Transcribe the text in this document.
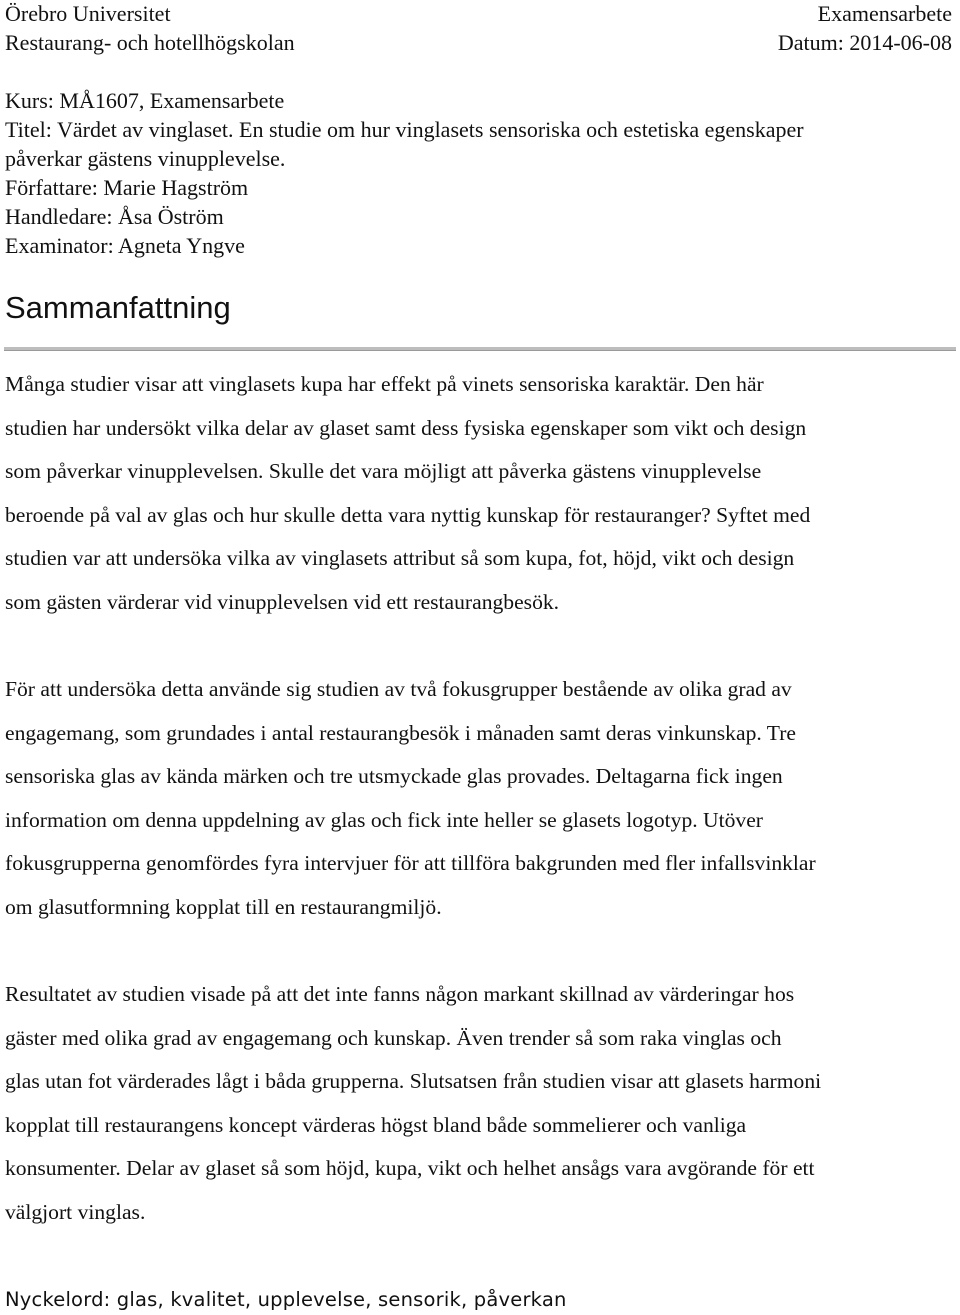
Örebro Universitet	Examensarbete
Restaurang- och hotellhögskolan	Datum: 2014-06-08
Kurs: MÅ1607, Examensarbete
Titel: Värdet av vinglaset. En studie om hur vinglasets sensoriska och estetiska egenskaper
påverkar gästens vinupplevelse.
Författare: Marie Hagström
Handledare: Åsa Öström
Examinator: Agneta Yngve
Sammanfattning
Många studier visar att vinglasets kupa har effekt på vinets sensoriska karaktär. Den här
studien har undersökt vilka delar av glaset samt dess fysiska egenskaper som vikt och design
som påverkar vinupplevelsen. Skulle det vara möjligt att påverka gästens vinupplevelse
beroende på val av glas och hur skulle detta vara nyttig kunskap för restauranger? Syftet med
studien var att undersöka vilka av vinglasets attribut så som kupa, fot, höjd, vikt och design
som gästen värderar vid vinupplevelsen vid ett restaurangbesök.
För att undersöka detta använde sig studien av två fokusgrupper bestående av olika grad av
engagemang, som grundades i antal restaurangbesök i månaden samt deras vinkunskap. Tre
sensoriska glas av kända märken och tre utsmyckade glas provades. Deltagarna fick ingen
information om denna uppdelning av glas och fick inte heller se glasets logotyp. Utöver
fokusgrupperna genomfördes fyra intervjuer för att tillföra bakgrunden med fler infallsvinklar
om glasutformning kopplat till en restaurangmiljö.
Resultatet av studien visade på att det inte fanns någon markant skillnad av värderingar hos
gäster med olika grad av engagemang och kunskap. Även trender så som raka vinglas och
glas utan fot värderades lågt i båda grupperna. Slutsatsen från studien visar att glasets harmoni
kopplat till restaurangens koncept värderas högst bland både sommelierer och vanliga
konsumenter. Delar av glaset så som höjd, kupa, vikt och helhet ansågs vara avgörande för ett
välgjort vinglas.
Nyckelord: glas, kvalitet, upplevelse, sensorik, påverkan
